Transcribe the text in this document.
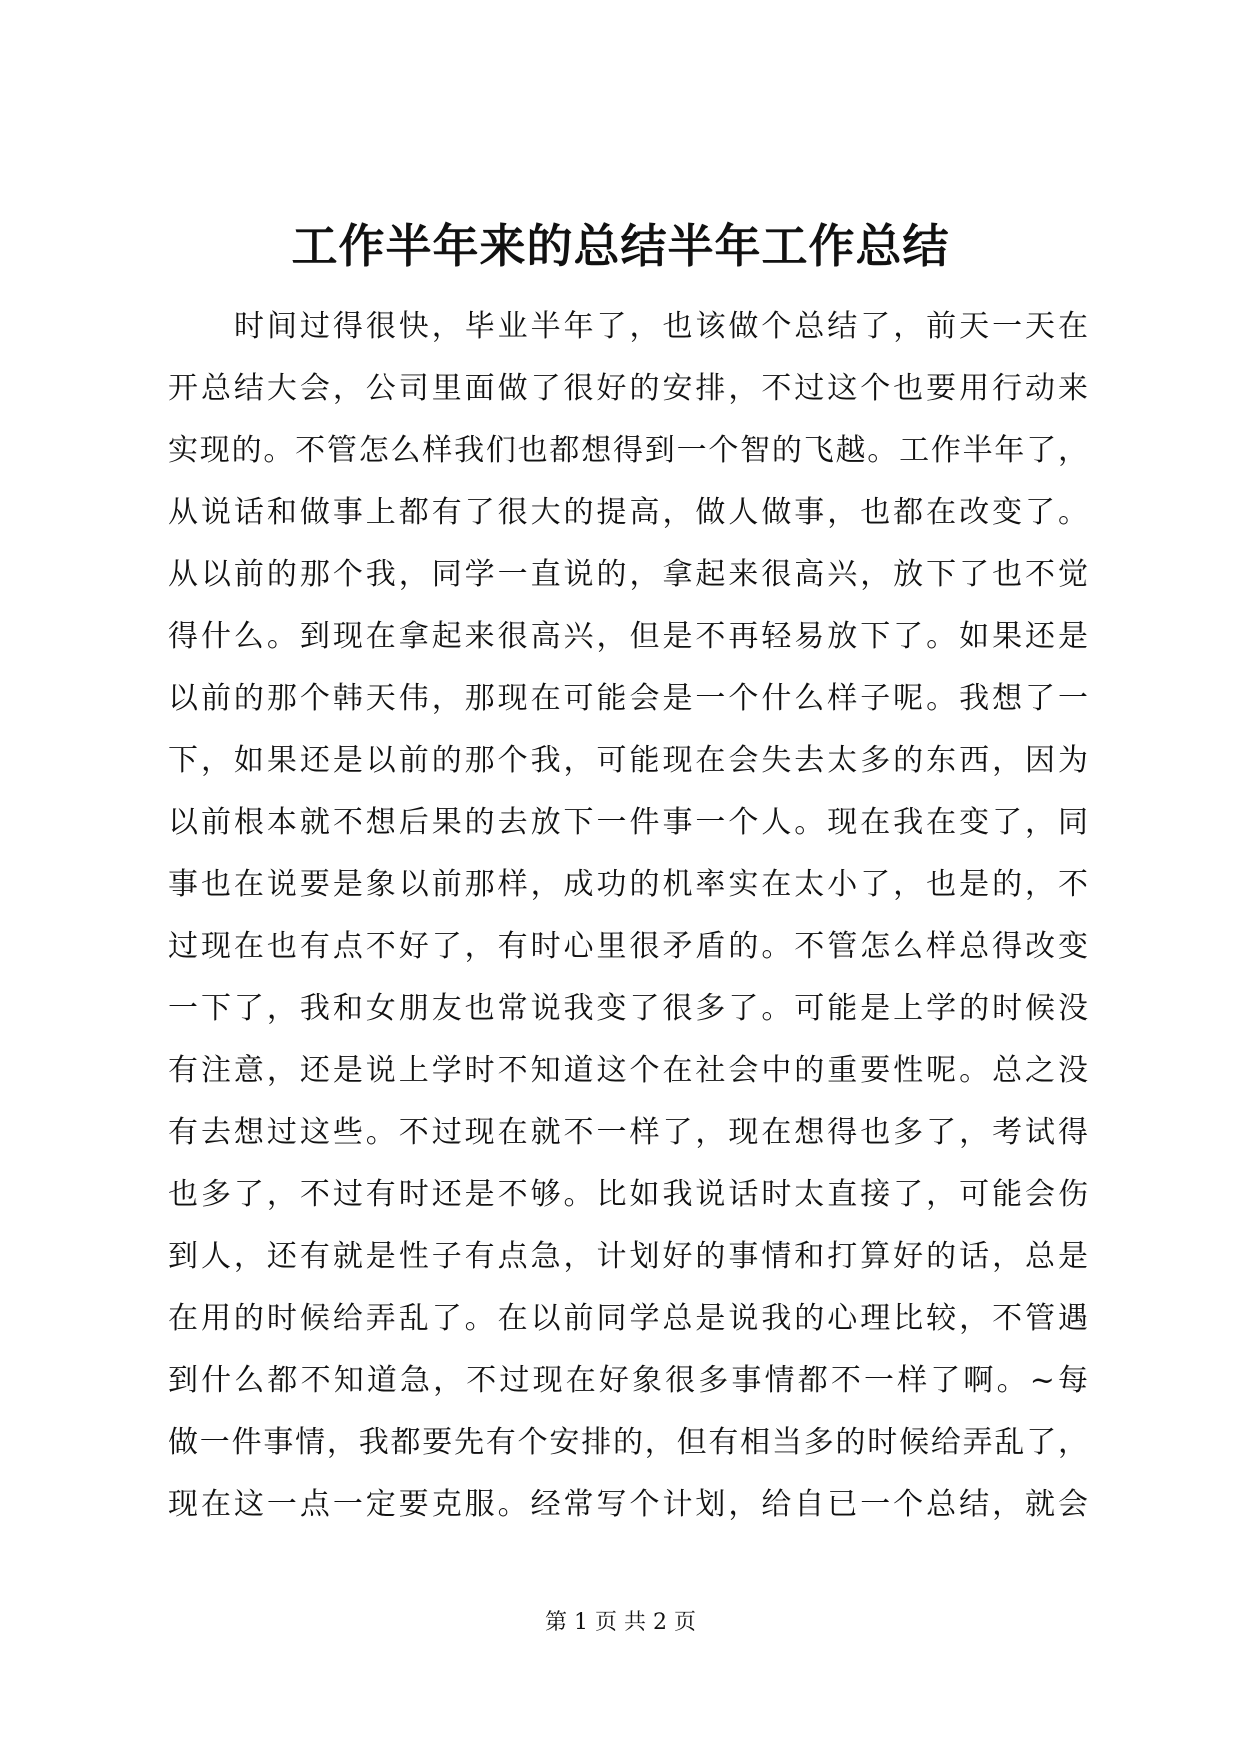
工作半年来的总结半年工作总结
时间过得很快，毕业半年了，也该做个总结了，前天一天在
开总结大会，公司里面做了很好的安排，不过这个也要用行动来
实现的。不管怎么样我们也都想得到一个智的飞越。工作半年了，
从说话和做事上都有了很大的提高，做人做事，也都在改变了。
从以前的那个我，同学一直说的，拿起来很高兴，放下了也不觉
得什么。到现在拿起来很高兴，但是不再轻易放下了。如果还是
以前的那个韩天伟，那现在可能会是一个什么样子呢。我想了一
下，如果还是以前的那个我，可能现在会失去太多的东西，因为
以前根本就不想后果的去放下一件事一个人。现在我在变了，同
事也在说要是象以前那样，成功的机率实在太小了，也是的，不
过现在也有点不好了，有时心里很矛盾的。不管怎么样总得改变
一下了，我和女朋友也常说我变了很多了。可能是上学的时候没
有注意，还是说上学时不知道这个在社会中的重要性呢。总之没
有去想过这些。不过现在就不一样了，现在想得也多了，考试得
也多了，不过有时还是不够。比如我说话时太直接了，可能会伤
到人，还有就是性子有点急，计划好的事情和打算好的话，总是
在用的时候给弄乱了。在以前同学总是说我的心理比较，不管遇
到什么都不知道急，不过现在好象很多事情都不一样了啊。~每
做一件事情，我都要先有个安排的，但有相当多的时候给弄乱了，
现在这一点一定要克服。经常写个计划，给自已一个总结，就会
第 1 页 共 2 页
